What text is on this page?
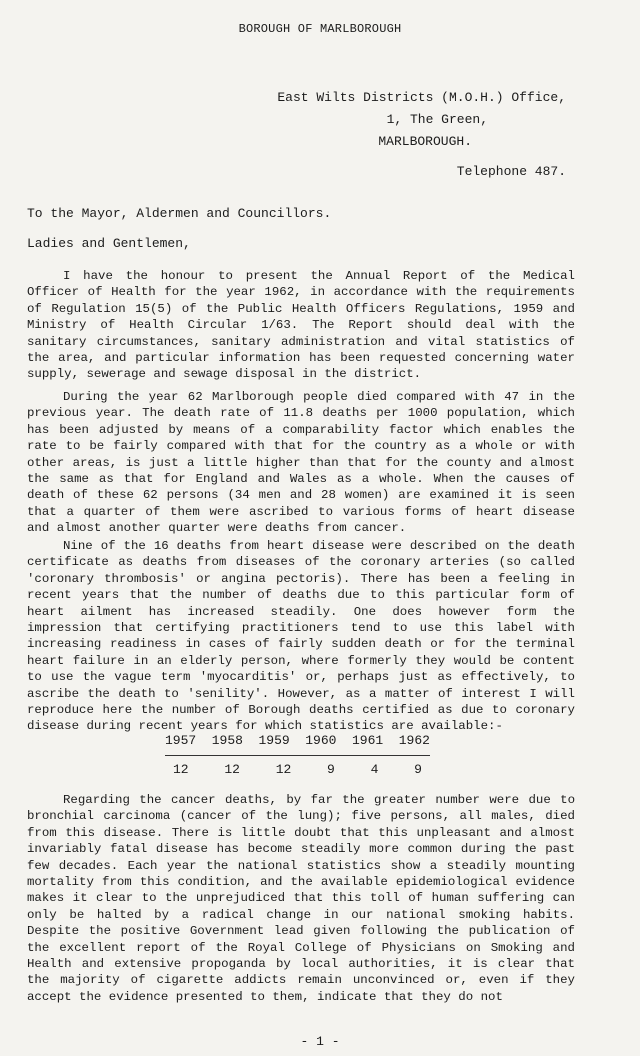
BOROUGH OF MARLBOROUGH
East Wilts Districts (M.O.H.) Office,
1, The Green,
MARLBOROUGH.
Telephone 487.
To the Mayor, Aldermen and Councillors.
Ladies and Gentlemen,
I have the honour to present the Annual Report of the Medical Officer of Health for the year 1962, in accordance with the requirements of Regulation 15(5) of the Public Health Officers Regulations, 1959 and Ministry of Health Circular 1/63. The Report should deal with the sanitary circumstances, sanitary administration and vital statistics of the area, and particular information has been requested concerning water supply, sewerage and sewage disposal in the district.
During the year 62 Marlborough people died compared with 47 in the previous year. The death rate of 11.8 deaths per 1000 population, which has been adjusted by means of a comparability factor which enables the rate to be fairly compared with that for the country as a whole or with other areas, is just a little higher than that for the county and almost the same as that for England and Wales as a whole. When the causes of death of these 62 persons (34 men and 28 women) are examined it is seen that a quarter of them were ascribed to various forms of heart disease and almost another quarter were deaths from cancer.
Nine of the 16 deaths from heart disease were described on the death certificate as deaths from diseases of the coronary arteries (so called 'coronary thrombosis' or angina pectoris). There has been a feeling in recent years that the number of deaths due to this particular form of heart ailment has increased steadily. One does however form the impression that certifying practitioners tend to use this label with increasing readiness in cases of fairly sudden death or for the terminal heart failure in an elderly person, where formerly they would be content to use the vague term 'myocarditis' or, perhaps just as effectively, to ascribe the death to 'senility'. However, as a matter of interest I will reproduce here the number of Borough deaths certified as due to coronary disease during recent years for which statistics are available:-
1957 1958 1959 1960 1961 1962
12	12	12	9	4	9
Regarding the cancer deaths, by far the greater number were due to bronchial carcinoma (cancer of the lung); five persons, all males, died from this disease. There is little doubt that this unpleasant and almost invariably fatal disease has become steadily more common during the past few decades. Each year the national statistics show a steadily mounting mortality from this condition, and the available epidemiological evidence makes it clear to the unprejudiced that this toll of human suffering can only be halted by a radical change in our national smoking habits. Despite the positive Government lead given following the publication of the excellent report of the Royal College of Physicians on Smoking and Health and extensive propoganda by local authorities, it is clear that the majority of cigarette addicts remain unconvinced or, even if they accept the evidence presented to them, indicate that they do not
- 1 -
